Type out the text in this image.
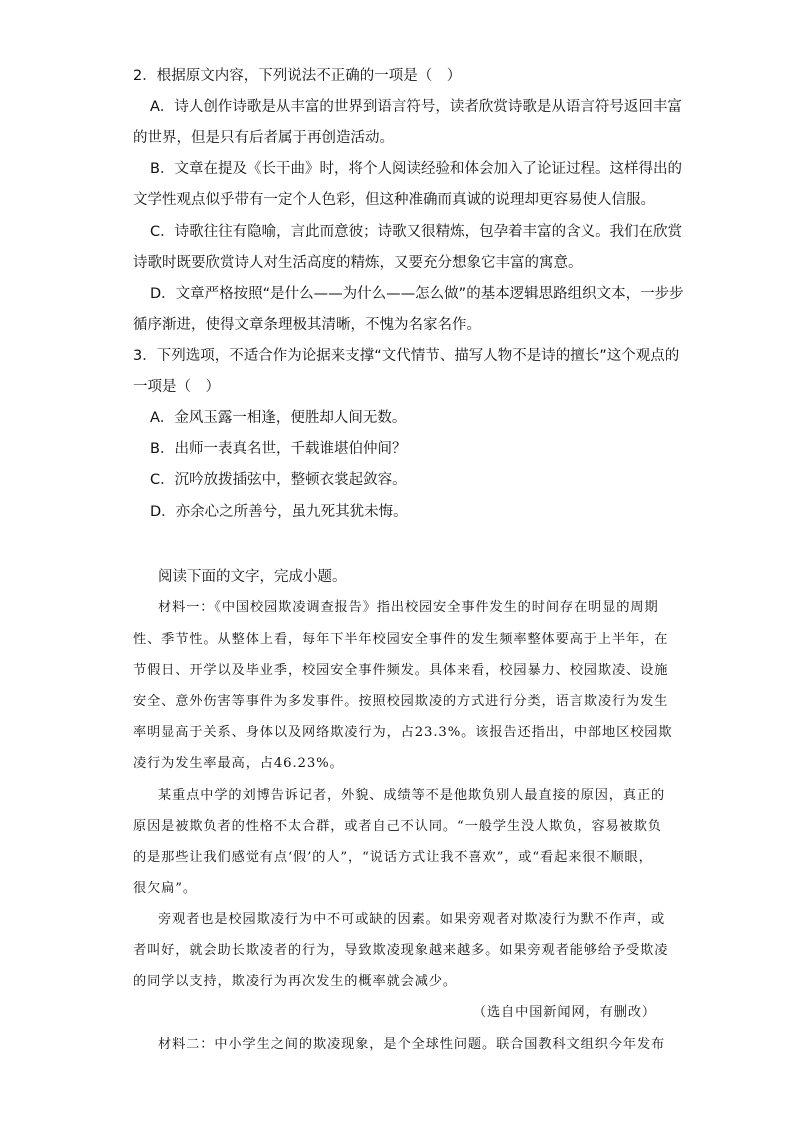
2．根据原文内容，下列说法不正确的一项是（　）
A．诗人创作诗歌是从丰富的世界到语言符号，读者欣赏诗歌是从语言符号返回丰富
的世界，但是只有后者属于再创造活动。
B．文章在提及《长干曲》时，将个人阅读经验和体会加入了论证过程。这样得出的
文学性观点似乎带有一定个人色彩，但这种准确而真诚的说理却更容易使人信服。
C．诗歌往往有隐喻，言此而意彼；诗歌又很精炼，包孕着丰富的含义。我们在欣赏
诗歌时既要欣赏诗人对生活高度的精炼，又要充分想象它丰富的寓意。
D．文章严格按照“是什么——为什么——怎么做”的基本逻辑思路组织文本，一步步
循序渐进，使得文章条理极其清晰，不愧为名家名作。
3．下列选项，不适合作为论据来支撑“文代情节、描写人物不是诗的擅长”这个观点的
一项是（　）
A．金风玉露一相逢，便胜却人间无数。
B．出师一表真名世，千载谁堪伯仲间？
C．沉吟放拨插弦中，整顿衣裳起敛容。
D．亦余心之所善兮，虽九死其犹未悔。
阅读下面的文字，完成小题。
材料一：《中国校园欺凌调查报告》指出校园安全事件发生的时间存在明显的周期
性、季节性。从整体上看，每年下半年校园安全事件的发生频率整体要高于上半年，在
节假日、开学以及毕业季，校园安全事件频发。具体来看，校园暴力、校园欺凌、设施
安全、意外伤害等事件为多发事件。按照校园欺凌的方式进行分类，语言欺凌行为发生
率明显高于关系、身体以及网络欺凌行为，占23.3%。该报告还指出，中部地区校园欺
凌行为发生率最高，占46.23%。
某重点中学的刘博告诉记者，外貌、成绩等不是他欺负别人最直接的原因，真正的
原因是被欺负者的性格不太合群，或者自己不认同。“一般学生没人欺负，容易被欺负
的是那些让我们感觉有点‘假’的人”，“说话方式让我不喜欢”，或“看起来很不顺眼，
很欠扁”。
旁观者也是校园欺凌行为中不可或缺的因素。如果旁观者对欺凌行为默不作声，或
者叫好，就会助长欺凌者的行为，导致欺凌现象越来越多。如果旁观者能够给予受欺凌
的同学以支持，欺凌行为再次发生的概率就会减少。
（选自中国新闻网，有删改）
材料二：中小学生之间的欺凌现象，是个全球性问题。联合国教科文组织今年发布
